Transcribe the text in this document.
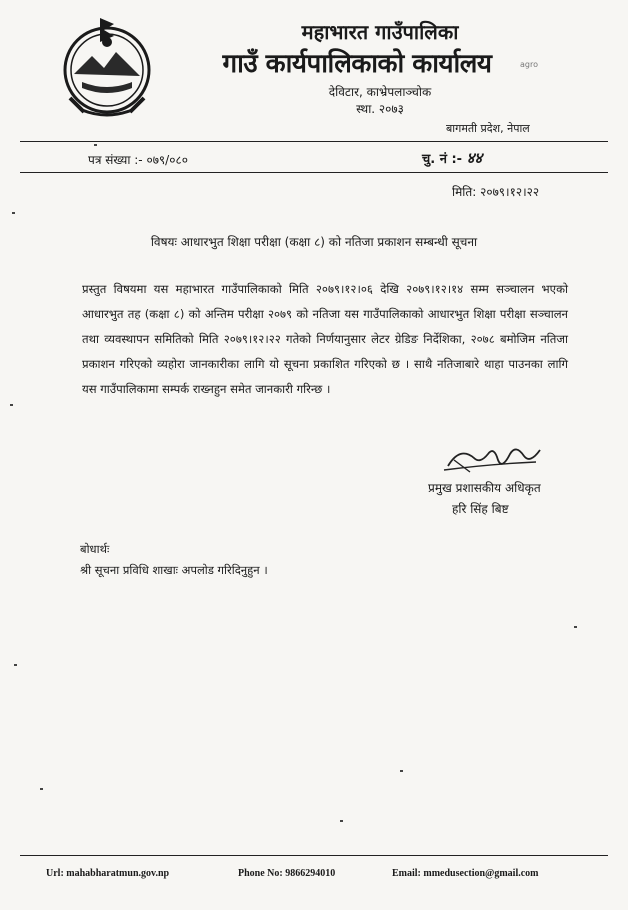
महाभारत गाउँपालिका
गाउँ कार्यपालिकाको कार्यालय	agro
देविटार, काभ्रेपलाञ्चोक
स्था. २०७३
बागमती प्रदेश, नेपाल
पत्र संख्या :- ०७९/०८०	चु. नं :- ४४
मिति: २०७९।१२।२२
विषयः आधारभुत शिक्षा परीक्षा (कक्षा ८) को नतिजा प्रकाशन सम्बन्धी सूचना

प्रस्तुत विषयमा यस महाभारत गाउँपालिकाको मिति २०७९।१२।०६ देखि २०७९।१२।१४ सम्म सञ्चालन भएको आधारभुत तह (कक्षा ८) को अन्तिम परीक्षा २०७९ को नतिजा यस गाउँपालिकाको आधारभुत शिक्षा परीक्षा सञ्चालन तथा व्यवस्थापन समितिको मिति २०७९।१२।२२ गतेको निर्णयानुसार लेटर ग्रेडिङ निर्देशिका, २०७८ बमोजिम नतिजा प्रकाशन गरिएको व्यहोरा जानकारीका लागि यो सूचना प्रकाशित गरिएको छ । साथै नतिजाबारे थाहा पाउनका लागि यस गाउँपालिकामा सम्पर्क राख्नहुन समेत जानकारी गरिन्छ ।

प्रमुख प्रशासकीय अधिकृत
हरि सिंह बिष्ट
बोधार्थः
श्री सूचना प्रविधि शाखाः अपलोड गरिदिनुहुन ।
Url: mahabharatmun.gov.np	Phone No: 9866294010	Email: mmedusection@gmail.com
